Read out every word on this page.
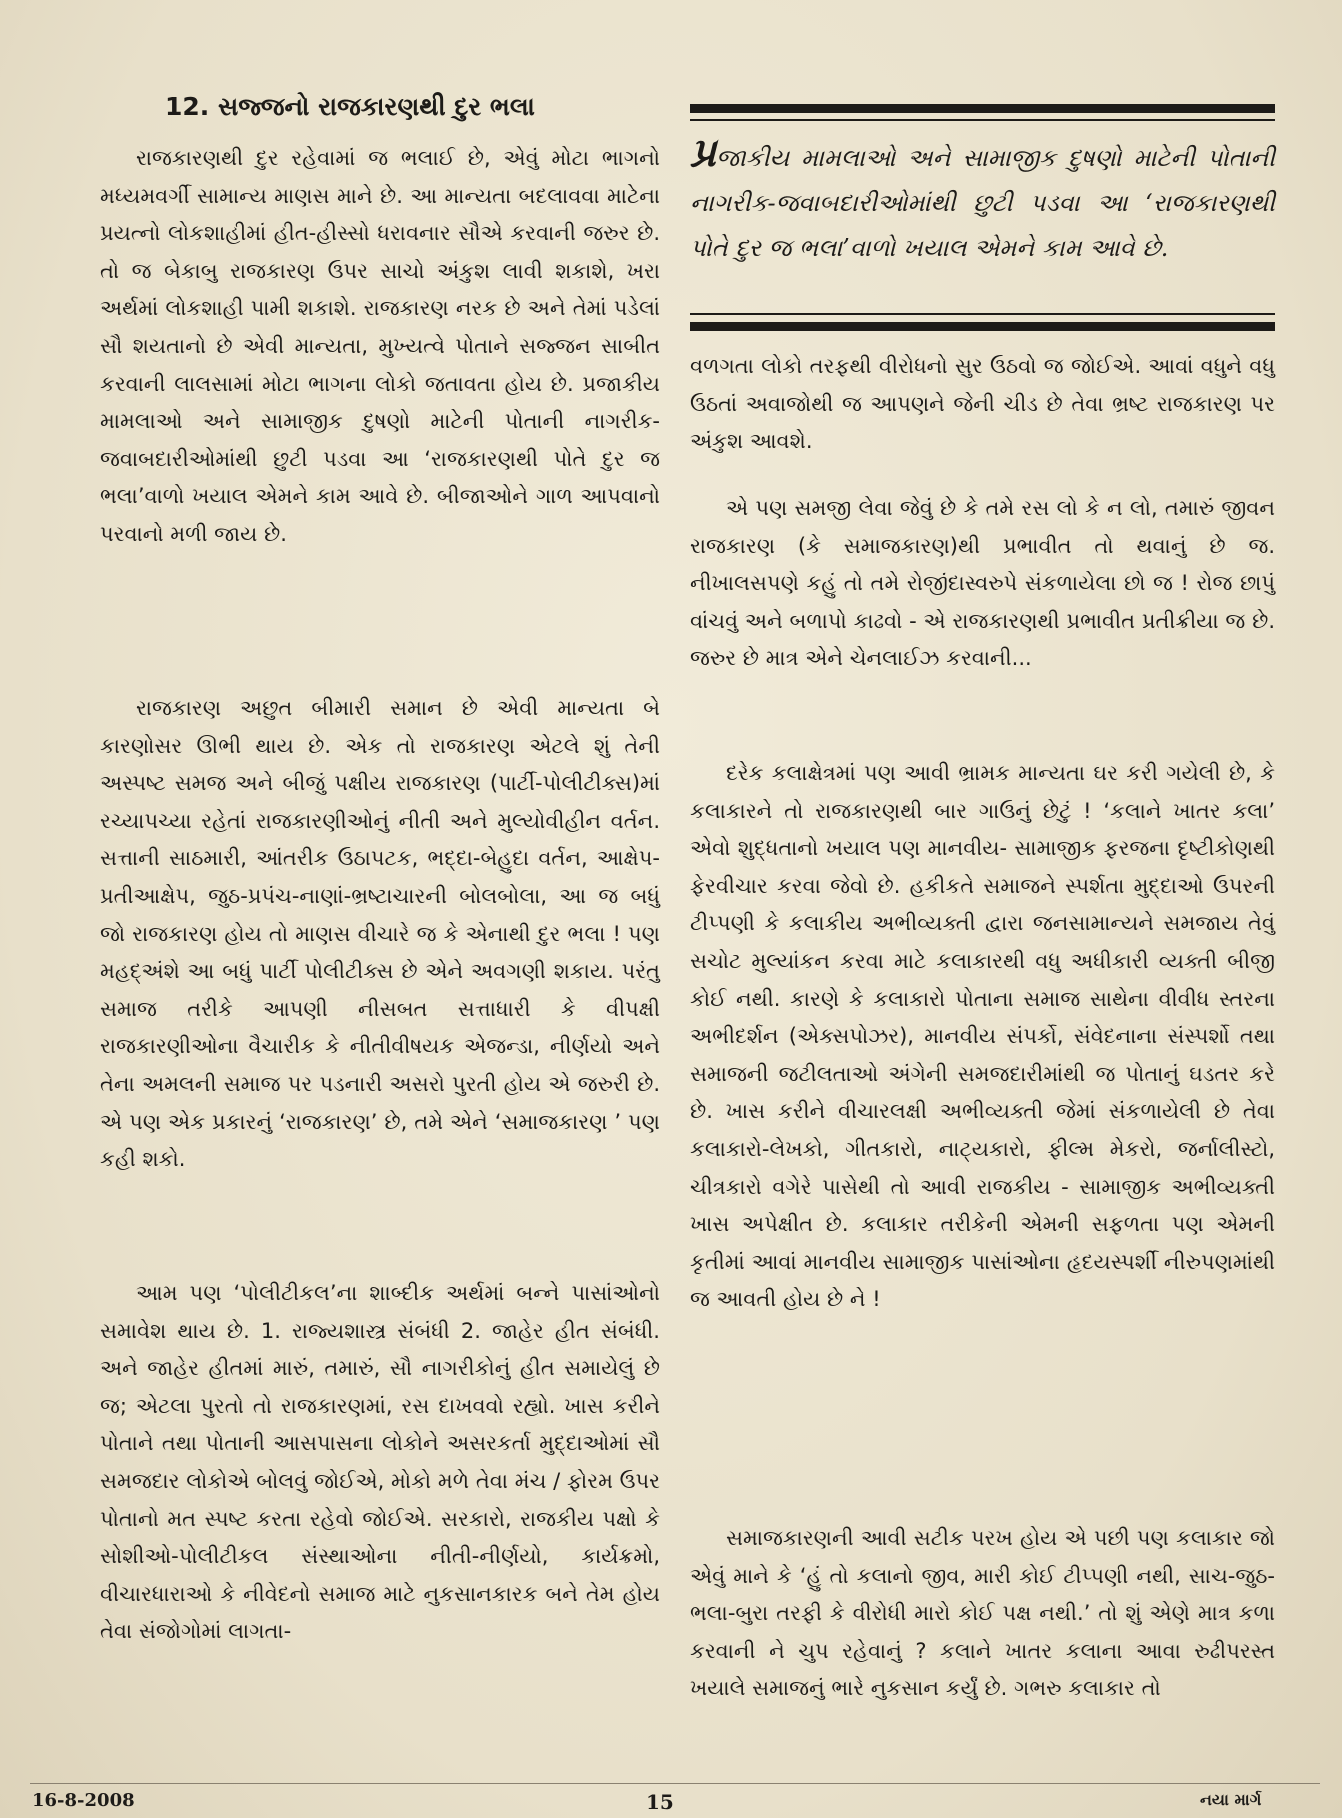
12. સજ્જનો રાજકારણથી દુર ભલા

રાજકારણથી દુર રહેવામાં જ ભલાઈ છે, એવું મોટા ભાગનો મધ્યમવર્ગી સામાન્ય માણસ માને છે. આ માન્યતા બદલાવવા માટેના પ્રયત્નો લોકશાહીમાં હીત-હીસ્સો ધરાવનાર સૌએ કરવાની જરુર છે. તો જ બેકાબુ રાજકારણ ઉપર સાચો અંકુશ લાવી શકાશે, ખરા અર્થમાં લોકશાહી પામી શકાશે. રાજકારણ નરક છે અને તેમાં પડેલાં સૌ શયતાનો છે એવી માન્યતા, મુખ્યત્વે પોતાને સજ્જન સાબીત કરવાની લાલસામાં મોટા ભાગના લોકો જતાવતા હોય છે. પ્રજાકીય મામલાઓ અને સામાજીક દુષણો માટેની પોતાની નાગરીક-જવાબદારીઓમાંથી છુટી પડવા આ ‘રાજકારણથી પોતે દુર જ ભલા’વાળો ખયાલ એમને કામ આવે છે. બીજાઓને ગાળ આપવાનો પરવાનો મળી જાય છે.

રાજકારણ અછુત બીમારી સમાન છે એવી માન્યતા બે કારણોસર ઊભી થાય છે. એક તો રાજકારણ એટલે શું તેની અસ્પષ્ટ સમજ અને બીજું પક્ષીય રાજકારણ (પાર્ટી-પોલીટીક્સ)માં રચ્યાપચ્યા રહેતાં રાજકારણીઓનું નીતી અને મુલ્યોવીહીન વર્તન. સત્તાની સાઠમારી, આંતરીક ઉઠાપટક, ભદ્દા-બેહુદા વર્તન, આક્ષેપ-પ્રતીઆક્ષેપ, જુઠ-પ્રપંચ-નાણાં-ભ્રષ્ટાચારની બોલબોલા, આ જ બધું જો રાજકારણ હોય તો માણસ વીચારે જ કે એનાથી દુર ભલા ! પણ મહદ્અંશે આ બધું પાર્ટી પોલીટીક્સ છે એને અવગણી શકાય. પરંતુ સમાજ તરીકે આપણી નીસબત સત્તાધારી કે વીપક્ષી રાજકારણીઓના વૈચારીક કે નીતીવીષયક એજન્ડા, નીર્ણયો અને તેના અમલની સમાજ પર પડનારી અસરો પુરતી હોય એ જરુરી છે. એ પણ એક પ્રકારનું ‘રાજકારણ’ છે, તમે એને ‘સમાજકારણ ’ પણ કહી શકો.

આમ પણ ‘પોલીટીકલ’ના શાબ્દીક અર્થમાં બન્ને પાસાંઓનો સમાવેશ થાય છે. 1. રાજ્યશાસ્ત્ર સંબંધી 2. જાહેર હીત સંબંધી. અને જાહેર હીતમાં મારું, તમારું, સૌ નાગરીકોનું હીત સમાયેલું છે જ; એટલા પુરતો તો રાજકારણમાં, રસ દાખવવો રહ્યો. ખાસ કરીને પોતાને તથા પોતાની આસપાસના લોકોને અસરકર્તા મુદ્દાઓમાં સૌ સમજદાર લોકોએ બોલવું જોઈએ, મોકો મળે તેવા મંચ / ફોરમ ઉપર પોતાનો મત સ્પષ્ટ કરતા રહેવો જોઈએ. સરકારો, રાજકીય પક્ષો કે સોશીઓ-પોલીટીકલ સંસ્થાઓના નીતી-નીર્ણયો, કાર્યક્રમો, વીચારધારાઓ કે નીવેદનો સમાજ માટે નુકસાનકારક બને તેમ હોય તેવા સંજોગોમાં લાગતા-

પ્રજાકીય મામલાઓ અને સામાજીક દુષણો માટેની પોતાની નાગરીક-જવાબદારીઓમાંથી છુટી પડવા આ ‘રાજકારણથી પોતે દુર જ ભલા’વાળો ખયાલ એમને કામ આવે છે.

વળગતા લોકો તરફથી વીરોધનો સુર ઉઠવો જ જોઈએ. આવાં વધુને વધુ ઉઠતાં અવાજોથી જ આપણને જેની ચીડ છે તેવા ભ્રષ્ટ રાજકારણ પર અંકુશ આવશે.

એ પણ સમજી લેવા જેવું છે કે તમે રસ લો કે ન લો, તમારું જીવન રાજકારણ (કે સમાજકારણ)થી પ્રભાવીત તો થવાનું છે જ. નીખાલસપણે કહું તો તમે રોજીંદાસ્વરુપે સંકળાયેલા છો જ ! રોજ છાપું વાંચવું અને બળાપો કાઢવો - એ રાજકારણથી પ્રભાવીત પ્રતીક્રીયા જ છે. જરુર છે માત્ર એને ચેનલાઈઝ કરવાની...

દરેક કલાક્ષેત્રમાં પણ આવી ભ્રામક માન્યતા ઘર કરી ગયેલી છે, કે કલાકારને તો રાજકારણથી બાર ગાઉનું છેટું ! ‘કલાને ખાતર કલા’ એવો શુદ્ધતાનો ખયાલ પણ માનવીય- સામાજીક ફરજના દૃષ્ટીકોણથી ફેરવીચાર કરવા જેવો છે. હકીકતે સમાજને સ્પર્શતા મુદ્દાઓ ઉપરની ટીપ્પણી કે કલાકીય અભીવ્યક્તી દ્વારા જનસામાન્યને સમજાય તેવું સચોટ મુલ્યાંકન કરવા માટે કલાકારથી વધુ અધીકારી વ્યક્તી બીજી કોઈ નથી. કારણે કે કલાકારો પોતાના સમાજ સાથેના વીવીધ સ્તરના અભીદર્શન (એક્સપોઝર), માનવીય સંપર્કો, સંવેદનાના સંસ્પર્શો તથા સમાજની જટીલતાઓ અંગેની સમજદારીમાંથી જ પોતાનું ઘડતર કરે છે. ખાસ કરીને વીચારલક્ષી અભીવ્યક્તી જેમાં સંકળાયેલી છે તેવા કલાકારો-લેખકો, ગીતકારો, નાટ્યકારો, ફીલ્મ મેકરો, જર્નાલીસ્ટો, ચીત્રકારો વગેરે પાસેથી તો આવી રાજકીય - સામાજીક અભીવ્યક્તી ખાસ અપેક્ષીત છે. કલાકાર તરીકેની એમની સફળતા પણ એમની કૃતીમાં આવાં માનવીય સામાજીક પાસાંઓના હૃદયસ્પર્શી નીરુપણમાંથી જ આવતી હોય છે ને !

સમાજકારણની આવી સટીક પરખ હોય એ પછી પણ કલાકાર જો એવું માને કે ‘હું તો કલાનો જીવ, મારી કોઈ ટીપ્પણી નથી, સાચ-જુઠ-ભલા-બુરા તરફી કે વીરોધી મારો કોઈ પક્ષ નથી.’ તો શું એણે માત્ર કળા કરવાની ને ચુપ રહેવાનું ? કલાને ખાતર કલાના આવા રુઢીપરસ્ત ખયાલે સમાજનું ભારે નુકસાન કર્યું છે. ગભરુ કલાકાર તો

16-8-2008	15	નયા માર્ગ
